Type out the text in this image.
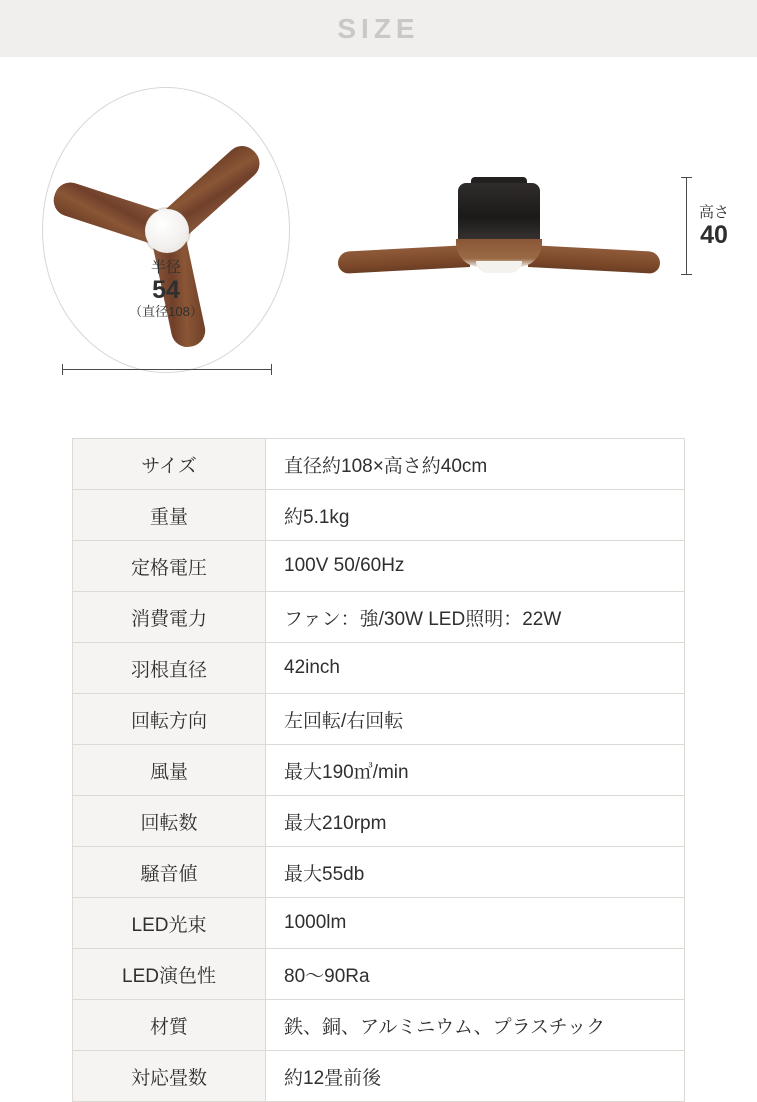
SIZE
半径
54
（直径108）
高さ
40
サイズ	直径約108×高さ約40cm
重量	約5.1kg
定格電圧	100V 50/60Hz
消費電力	ファン：強/30W LED照明：22W
羽根直径	42inch
回転方向	左回転/右回転
風量	最大190㎥/min
回転数	最大210rpm
騒音値	最大55db
LED光束	1000lm
LED演色性	80〜90Ra
材質	鉄、銅、アルミニウム、プラスチック
対応畳数	約12畳前後
